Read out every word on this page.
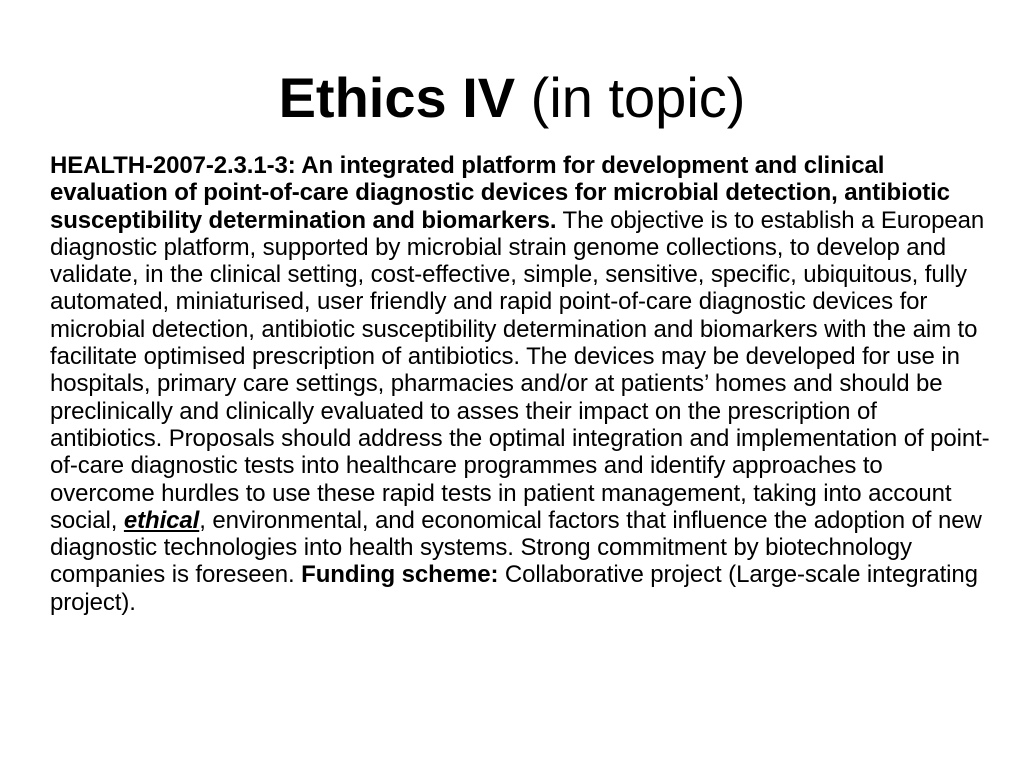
Ethics IV (in topic)
HEALTH-2007-2.3.1-3: An integrated platform for development and clinical evaluation of point-of-care diagnostic devices for microbial detection, antibiotic susceptibility determination and biomarkers. The objective is to establish a European diagnostic platform, supported by microbial strain genome collections, to develop and validate, in the clinical setting, cost-effective, simple, sensitive, specific, ubiquitous, fully automated, miniaturised, user friendly and rapid point-of-care diagnostic devices for microbial detection, antibiotic susceptibility determination and biomarkers with the aim to facilitate optimised prescription of antibiotics. The devices may be developed for use in hospitals, primary care settings, pharmacies and/or at patients’ homes and should be preclinically and clinically evaluated to asses their impact on the prescription of antibiotics. Proposals should address the optimal integration and implementation of point-of-care diagnostic tests into healthcare programmes and identify approaches to overcome hurdles to use these rapid tests in patient management, taking into account social, ethical, environmental, and economical factors that influence the adoption of new diagnostic technologies into health systems. Strong commitment by biotechnology companies is foreseen. Funding scheme: Collaborative project (Large-scale integrating project).
